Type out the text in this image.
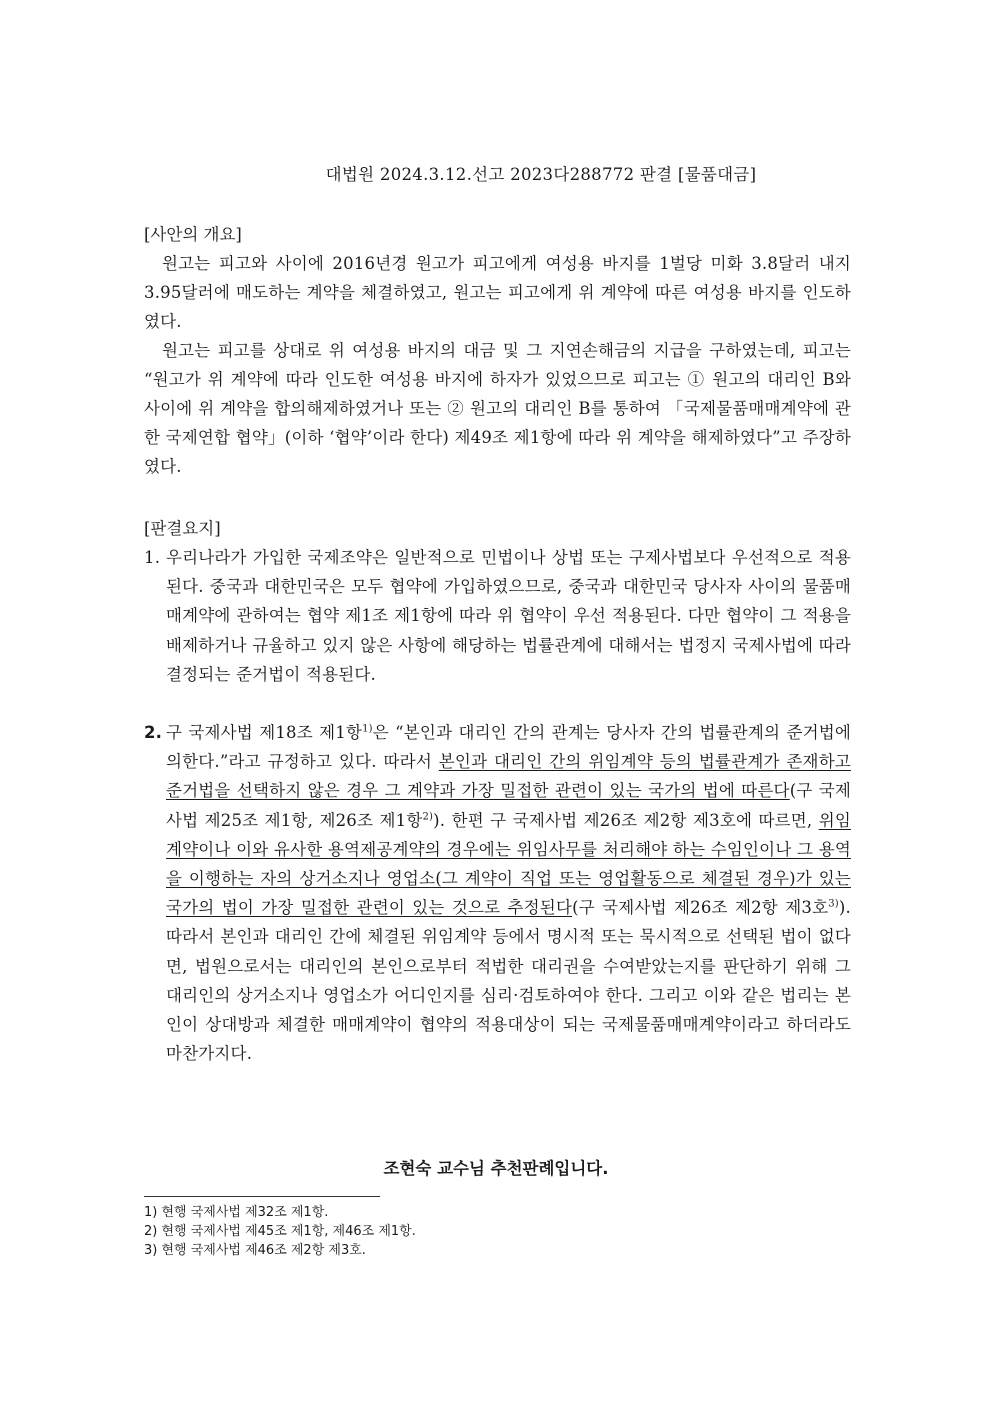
대법원 2024.3.12.선고 2023다288772 판결 [물품대금]
[사안의 개요]
원고는 피고와 사이에 2016년경 원고가 피고에게 여성용 바지를 1벌당 미화 3.8달러 내지 3.95달러에 매도하는 계약을 체결하였고, 원고는 피고에게 위 계약에 따른 여성용 바지를 인도하였다.
원고는 피고를 상대로 위 여성용 바지의 대금 및 그 지연손해금의 지급을 구하였는데, 피고는 “원고가 위 계약에 따라 인도한 여성용 바지에 하자가 있었으므로 피고는 ① 원고의 대리인 B와 사이에 위 계약을 합의해제하였거나 또는 ② 원고의 대리인 B를 통하여 「국제물품매매계약에 관한 국제연합 협약」(이하 ‘협약’이라 한다) 제49조 제1항에 따라 위 계약을 해제하였다”고 주장하였다.
[판결요지]
1. 우리나라가 가입한 국제조약은 일반적으로 민법이나 상법 또는 구제사법보다 우선적으로 적용된다. 중국과 대한민국은 모두 협약에 가입하였으므로, 중국과 대한민국 당사자 사이의 물품매매계약에 관하여는 협약 제1조 제1항에 따라 위 협약이 우선 적용된다. 다만 협약이 그 적용을 배제하거나 규율하고 있지 않은 사항에 해당하는 법률관계에 대해서는 법정지 국제사법에 따라 결정되는 준거법이 적용된다.
2. 구 국제사법 제18조 제1항$^{1)}$은 “본인과 대리인 간의 관계는 당사자 간의 법률관계의 준거법에 의한다.”라고 규정하고 있다. 따라서 본인과 대리인 간의 위임계약 등의 법률관계가 존재하고 준거법을 선택하지 않은 경우 그 계약과 가장 밀접한 관련이 있는 국가의 법에 따른다(구 국제사법 제25조 제1항, 제26조 제1항$^{2)}$). 한편 구 국제사법 제26조 제2항 제3호에 따르면, 위임계약이나 이와 유사한 용역제공계약의 경우에는 위임사무를 처리해야 하는 수임인이나 그 용역을 이행하는 자의 상거소지나 영업소(그 계약이 직업 또는 영업활동으로 체결된 경우)가 있는 국가의 법이 가장 밀접한 관련이 있는 것으로 추정된다(구 국제사법 제26조 제2항 제3호$^{3)}$). 따라서 본인과 대리인 간에 체결된 위임계약 등에서 명시적 또는 묵시적으로 선택된 법이 없다면, 법원으로서는 대리인의 본인으로부터 적법한 대리권을 수여받았는지를 판단하기 위해 그 대리인의 상거소지나 영업소가 어디인지를 심리·검토하여야 한다. 그리고 이와 같은 법리는 본인이 상대방과 체결한 매매계약이 협약의 적용대상이 되는 국제물품매매계약이라고 하더라도 마찬가지다.
조현숙 교수님 추천판례입니다.
1) 현행 국제사법 제32조 제1항.
2) 현행 국제사법 제45조 제1항, 제46조 제1항.
3) 현행 국제사법 제46조 제2항 제3호.
